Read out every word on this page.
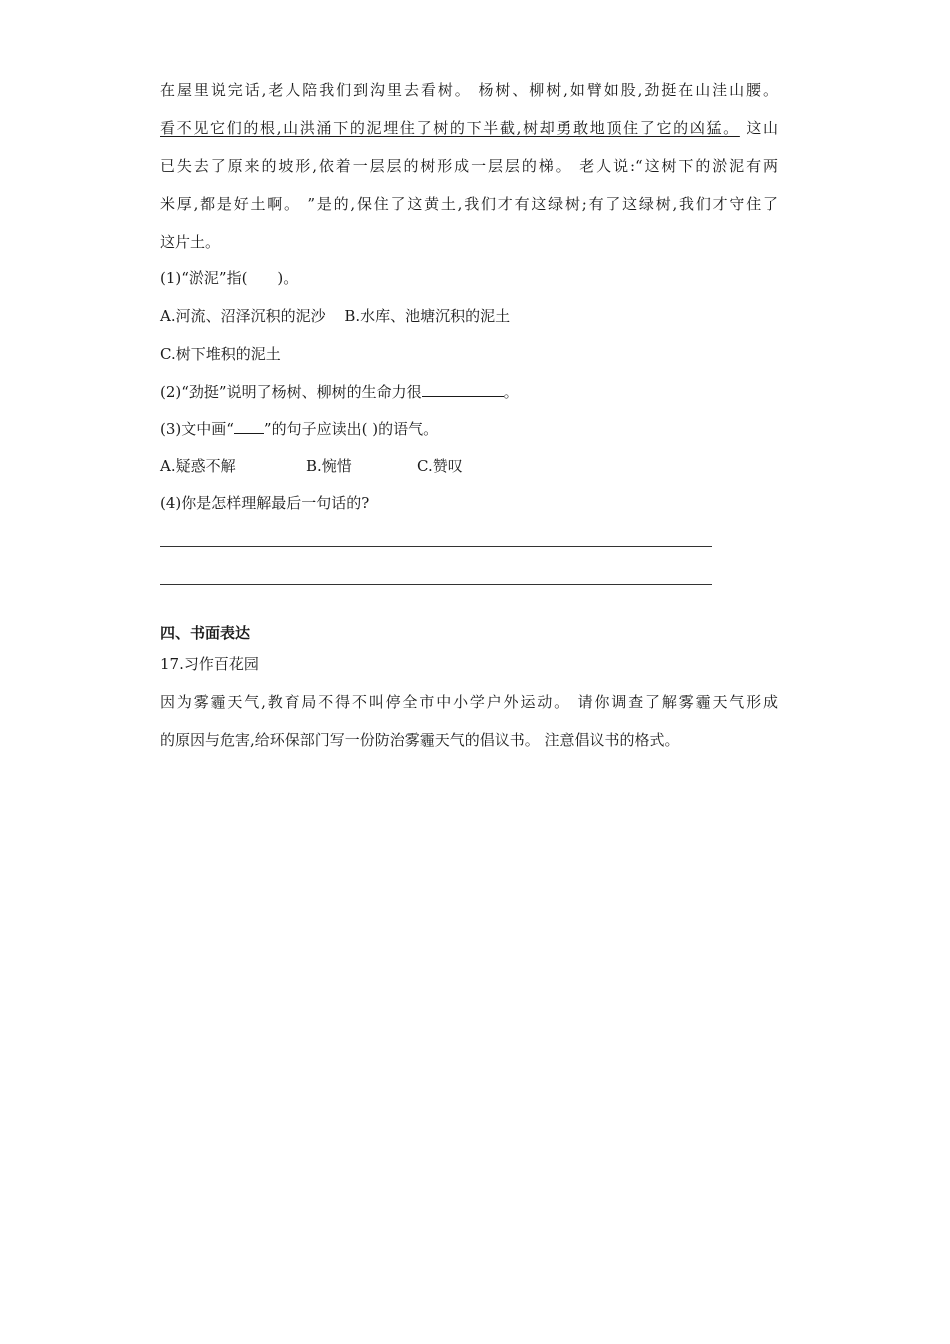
在屋里说完话,老人陪我们到沟里去看树。 杨树、柳树,如臂如股,劲挺在山洼山腰。
看不见它们的根,山洪涌下的泥埋住了树的下半截,树却勇敢地顶住了它的凶猛。 这山
已失去了原来的坡形,依着一层层的树形成一层层的梯。 老人说:“这树下的淤泥有两
米厚,都是好土啊。 ”是的,保住了这黄土,我们才有这绿树;有了这绿树,我们才守住了
这片土。
(1)“淤泥”指(　　)。
A.河流、沼泽沉积的泥沙 B.水库、池塘沉积的泥土
C.树下堆积的泥土
(2)“劲挺”说明了杨树、柳树的生命力很	。
(3)文中画“ ”的句子应读出( )的语气。
A.疑惑不解	B.惋惜	C.赞叹
(4)你是怎样理解最后一句话的?
四、书面表达
17.习作百花园
因为雾霾天气,教育局不得不叫停全市中小学户外运动。 请你调查了解雾霾天气形成
的原因与危害,给环保部门写一份防治雾霾天气的倡议书。 注意倡议书的格式。
